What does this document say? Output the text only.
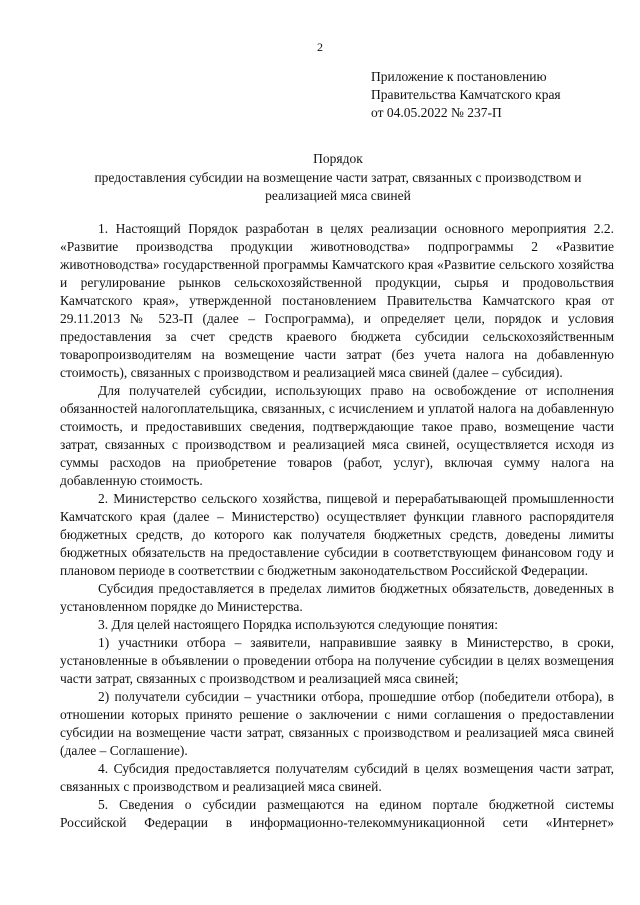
2
Приложение к постановлению
Правительства Камчатского края
от 04.05.2022 № 237-П
Порядок
предоставления субсидии на возмещение части затрат, связанных с производством и
реализацией мяса свиней

1. Настоящий Порядок разработан в целях реализации основного мероприятия 2.2. «Развитие производства продукции животноводства» подпрограммы 2 «Развитие животноводства» государственной программы Камчатского края «Развитие сельского хозяйства и регулирование рынков сельскохозяйственной продукции, сырья и продовольствия Камчатского края», утвержденной постановлением Правительства Камчатского края от 29.11.2013 № 523-П (далее – Госпрограмма), и определяет цели, порядок и условия предоставления за счет средств краевого бюджета субсидии сельскохозяйственным товаропроизводителям на возмещение части затрат (без учета налога на добавленную стоимость), связанных с производством и реализацией мяса свиней (далее – субсидия).

Для получателей субсидии, использующих право на освобождение от исполнения обязанностей налогоплательщика, связанных, с исчислением и уплатой налога на добавленную стоимость, и предоставивших сведения, подтверждающие такое право, возмещение части затрат, связанных с производством и реализацией мяса свиней, осуществляется исходя из суммы расходов на приобретение товаров (работ, услуг), включая сумму налога на добавленную стоимость.

2. Министерство сельского хозяйства, пищевой и перерабатывающей промышленности Камчатского края (далее – Министерство) осуществляет функции главного распорядителя бюджетных средств, до которого как получателя бюджетных средств, доведены лимиты бюджетных обязательств на предоставление субсидии в соответствующем финансовом году и плановом периоде в соответствии с бюджетным законодательством Российской Федерации.

Субсидия предоставляется в пределах лимитов бюджетных обязательств, доведенных в установленном порядке до Министерства.

3. Для целей настоящего Порядка используются следующие понятия:

1) участники отбора – заявители, направившие заявку в Министерство, в сроки, установленные в объявлении о проведении отбора на получение субсидии в целях возмещения части затрат, связанных с производством и реализацией мяса свиней;

2) получатели субсидии – участники отбора, прошедшие отбор (победители отбора), в отношении которых принято решение о заключении с ними соглашения о предоставлении субсидии на возмещение части затрат, связанных с производством и реализацией мяса свиней (далее – Соглашение).

4. Субсидия предоставляется получателям субсидий в целях возмещения части затрат, связанных с производством и реализацией мяса свиней.

5. Сведения о субсидии размещаются на едином портале бюджетной системы Российской Федерации в информационно-телекоммуникационной сети «Интернет»
